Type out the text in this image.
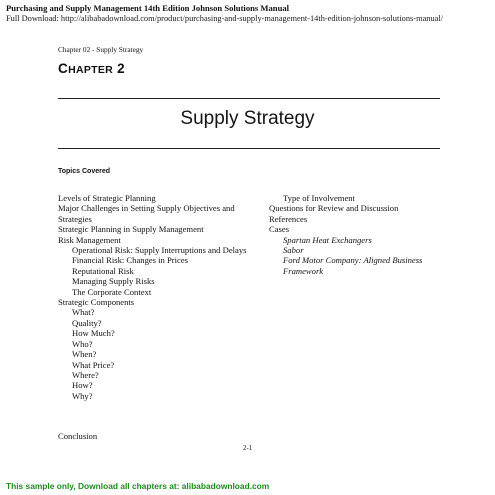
Purchasing and Supply Management 14th Edition Johnson Solutions Manual
Full Download: http://alibabadownload.com/product/purchasing-and-supply-management-14th-edition-johnson-solutions-manual/
Chapter 02 - Supply Strategy
CHAPTER 2
Supply Strategy
Topics Covered
Levels of Strategic Planning
Major Challenges in Setting Supply Objectives and Strategies
Strategic Planning in Supply Management
Risk Management
Operational Risk: Supply Interruptions and Delays
Financial Risk: Changes in Prices
Reputational Risk
Managing Supply Risks
The Corporate Context
Strategic Components
What?
Quality?
How Much?
Who?
When?
What Price?
Where?
How?
Why?
Type of Involvement
Questions for Review and Discussion
References
Cases
Spartan Heat Exchangers
Sabor
Ford Motor Company: Aligned Business Framework
Conclusion
2-1
This sample only, Download all chapters at: alibabadownload.com
